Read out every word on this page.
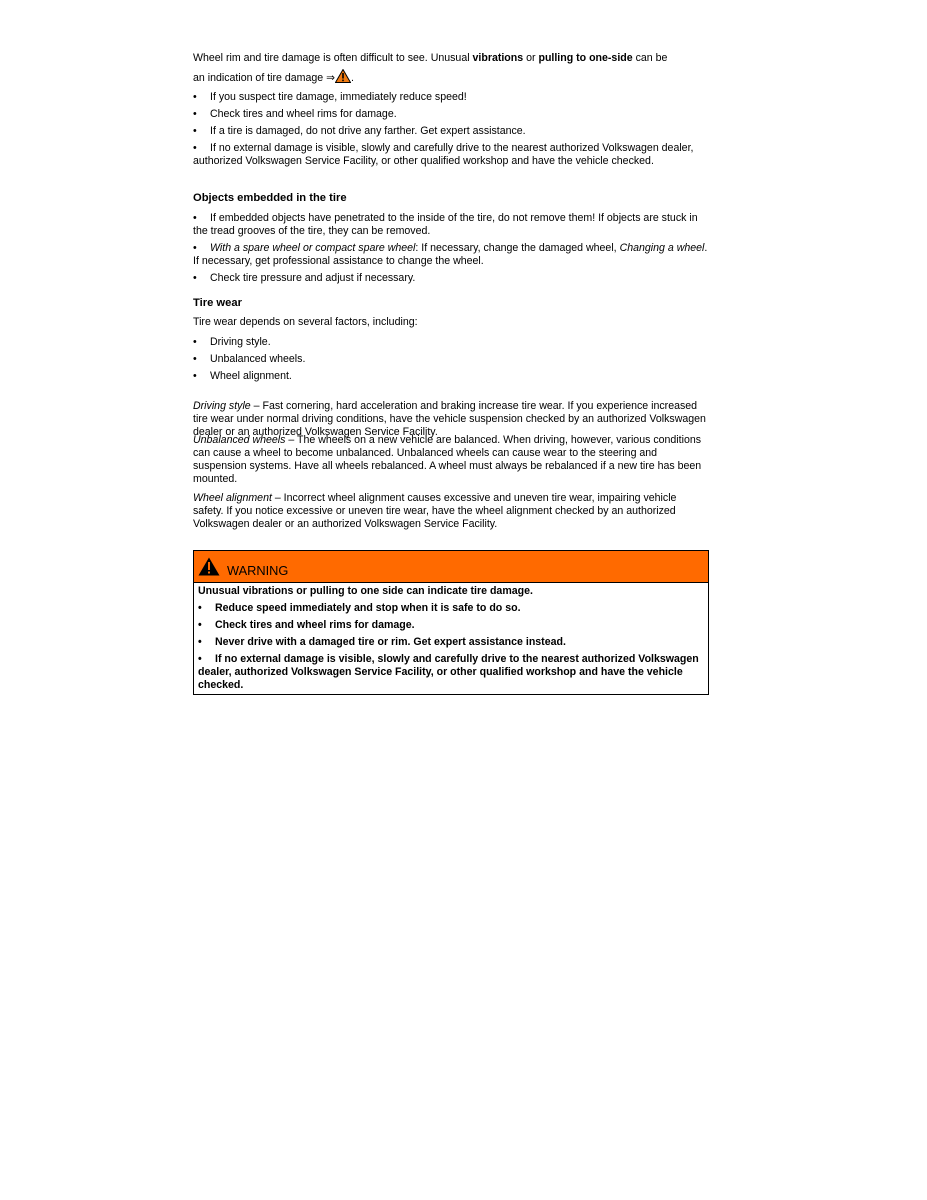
Wheel rim and tire damage is often difficult to see. Unusual vibrations or pulling to one-side can be

an indication of tire damage ⇒ .

• If you suspect tire damage, immediately reduce speed!
• Check tires and wheel rims for damage.
• If a tire is damaged, do not drive any farther. Get expert assistance.
• If no external damage is visible, slowly and carefully drive to the nearest authorized Volkswagen dealer, authorized Volkswagen Service Facility, or other qualified workshop and have the vehicle checked.
Objects embedded in the tire
• If embedded objects have penetrated to the inside of the tire, do not remove them! If objects are stuck in the tread grooves of the tire, they can be removed.
• With a spare wheel or compact spare wheel: If necessary, change the damaged wheel, Changing a wheel. If necessary, get professional assistance to change the wheel.
• Check tire pressure and adjust if necessary.
Tire wear
Tire wear depends on several factors, including:
• Driving style.
• Unbalanced wheels.
• Wheel alignment.

Driving style – Fast cornering, hard acceleration and braking increase tire wear. If you experience increased tire wear under normal driving conditions, have the vehicle suspension checked by an authorized Volkswagen dealer or an authorized Volkswagen Service Facility.

Unbalanced wheels – The wheels on a new vehicle are balanced. When driving, however, various conditions can cause a wheel to become unbalanced. Unbalanced wheels can cause wear to the steering and suspension systems. Have all wheels rebalanced. A wheel must always be rebalanced if a new tire has been mounted.

Wheel alignment – Incorrect wheel alignment causes excessive and uneven tire wear, impairing vehicle safety. If you notice excessive or uneven tire wear, have the wheel alignment checked by an authorized Volkswagen dealer or an authorized Volkswagen Service Facility.

WARNING
Unusual vibrations or pulling to one side can indicate tire damage.
• Reduce speed immediately and stop when it is safe to do so.
• Check tires and wheel rims for damage.
• Never drive with a damaged tire or rim. Get expert assistance instead.
• If no external damage is visible, slowly and carefully drive to the nearest authorized Volkswagen dealer, authorized Volkswagen Service Facility, or other qualified workshop and have the vehicle checked.
